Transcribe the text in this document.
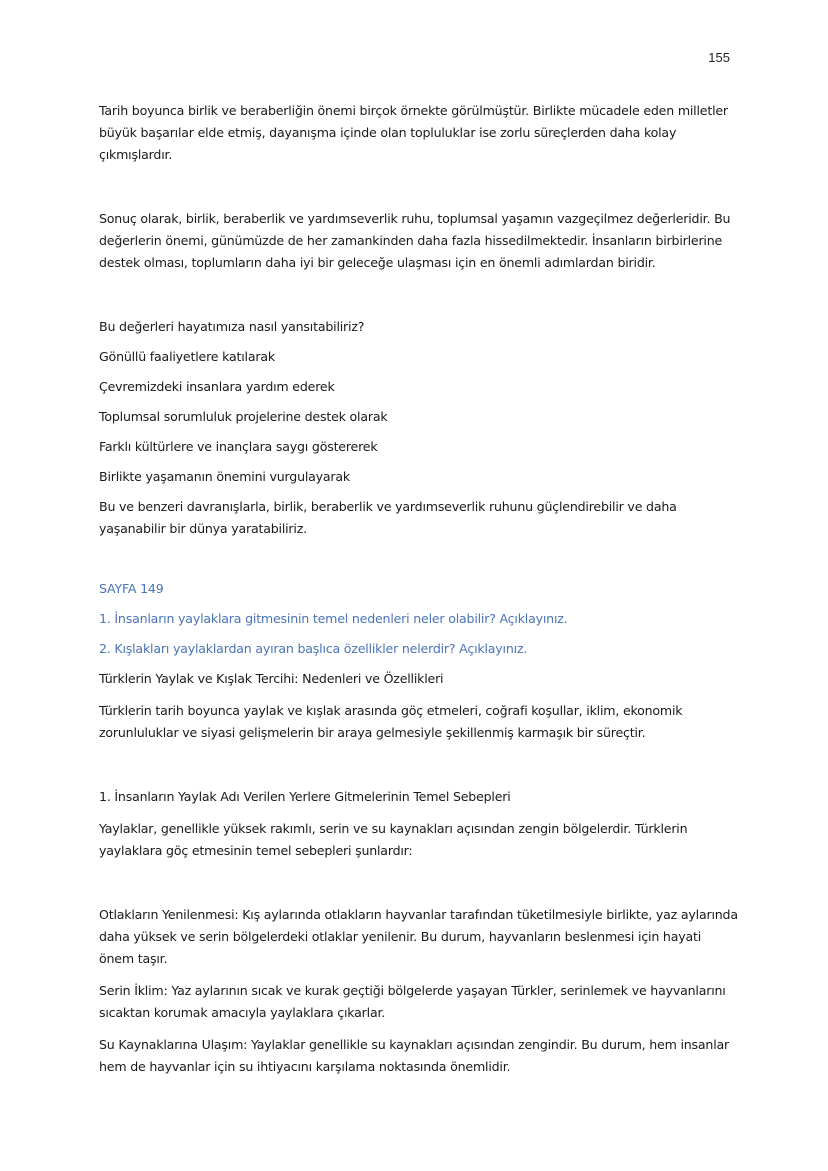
155

Tarih boyunca birlik ve beraberliğin önemi birçok örnekte görülmüştür. Birlikte mücadele eden milletler büyük başarılar elde etmiş, dayanışma içinde olan topluluklar ise zorlu süreçlerden daha kolay çıkmışlardır.

Sonuç olarak, birlik, beraberlik ve yardımseverlik ruhu, toplumsal yaşamın vazgeçilmez değerleridir. Bu değerlerin önemi, günümüzde de her zamankinden daha fazla hissedilmektedir. İnsanların birbirlerine destek olması, toplumların daha iyi bir geleceğe ulaşması için en önemli adımlardan biridir.

Bu değerleri hayatımıza nasıl yansıtabiliriz?

Gönüllü faaliyetlere katılarak

Çevremizdeki insanlara yardım ederek

Toplumsal sorumluluk projelerine destek olarak

Farklı kültürlere ve inançlara saygı göstererek

Birlikte yaşamanın önemini vurgulayarak

Bu ve benzeri davranışlarla, birlik, beraberlik ve yardımseverlik ruhunu güçlendirebilir ve daha yaşanabilir bir dünya yaratabiliriz.

SAYFA 149

1. İnsanların yaylaklara gitmesinin temel nedenleri neler olabilir? Açıklayınız.

2. Kışlakları yaylaklardan ayıran başlıca özellikler nelerdir? Açıklayınız.

Türklerin Yaylak ve Kışlak Tercihi: Nedenleri ve Özellikleri

Türklerin tarih boyunca yaylak ve kışlak arasında göç etmeleri, coğrafi koşullar, iklim, ekonomik zorunluluklar ve siyasi gelişmelerin bir araya gelmesiyle şekillenmiş karmaşık bir süreçtir.

1. İnsanların Yaylak Adı Verilen Yerlere Gitmelerinin Temel Sebepleri

Yaylaklar, genellikle yüksek rakımlı, serin ve su kaynakları açısından zengin bölgelerdir. Türklerin yaylaklara göç etmesinin temel sebepleri şunlardır:

Otlakların Yenilenmesi: Kış aylarında otlakların hayvanlar tarafından tüketilmesiyle birlikte, yaz aylarında daha yüksek ve serin bölgelerdeki otlaklar yenilenir. Bu durum, hayvanların beslenmesi için hayati önem taşır.

Serin İklim: Yaz aylarının sıcak ve kurak geçtiği bölgelerde yaşayan Türkler, serinlemek ve hayvanlarını sıcaktan korumak amacıyla yaylaklara çıkarlar.

Su Kaynaklarına Ulaşım: Yaylaklar genellikle su kaynakları açısından zengindir. Bu durum, hem insanlar hem de hayvanlar için su ihtiyacını karşılama noktasında önemlidir.
